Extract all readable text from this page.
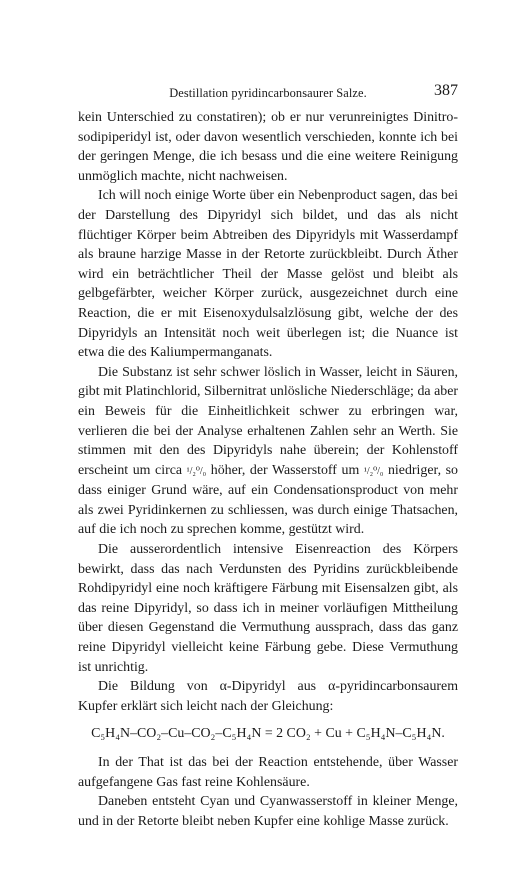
Destillation pyridincarbonsaurer Salze.	387

kein Unterschied zu constatiren); ob er nur verunreinigtes Dinitrosodipiperidyl ist, oder davon wesentlich verschieden, konnte ich bei der geringen Menge, die ich besass und die eine weitere Reinigung unmöglich machte, nicht nachweisen.

Ich will noch einige Worte über ein Nebenproduct sagen, das bei der Darstellung des Dipyridyl sich bildet, und das als nicht flüchtiger Körper beim Abtreiben des Dipyridyls mit Wasserdampf als braune harzige Masse in der Retorte zurückbleibt. Durch Äther wird ein beträchtlicher Theil der Masse gelöst und bleibt als gelbgefärbter, weicher Körper zurück, ausgezeichnet durch eine Reaction, die er mit Eisenoxydulsalzlösung gibt, welche der des Dipyridyls an Intensität noch weit überlegen ist; die Nuance ist etwa die des Kaliumpermanganats.

Die Substanz ist sehr schwer löslich in Wasser, leicht in Säuren, gibt mit Platinchlorid, Silbernitrat unlösliche Niederschläge; da aber ein Beweis für die Einheitlichkeit schwer zu erbringen war, verlieren die bei der Analyse erhaltenen Zahlen sehr an Werth. Sie stimmen mit den des Dipyridyls nahe überein; der Kohlenstoff erscheint um circa ¹/₂⁰/₀ höher, der Wasserstoff um ¹/₂⁰/₀ niedriger, so dass einiger Grund wäre, auf ein Condensationsproduct von mehr als zwei Pyridinkernen zu schliessen, was durch einige Thatsachen, auf die ich noch zu sprechen komme, gestützt wird.

Die ausserordentlich intensive Eisenreaction des Körpers bewirkt, dass das nach Verdunsten des Pyridins zurückbleibende Rohdipyridyl eine noch kräftigere Färbung mit Eisensalzen gibt, als das reine Dipyridyl, so dass ich in meiner vorläufigen Mittheilung über diesen Gegenstand die Vermuthung aussprach, dass das ganz reine Dipyridyl vielleicht keine Färbung gebe. Diese Vermuthung ist unrichtig.

Die Bildung von α-Dipyridyl aus α-pyridincarbonsaurem Kupfer erklärt sich leicht nach der Gleichung:

C₅H₄N–CO₂–Cu–CO₂–C₅H₄N = 2 CO₂ + Cu + C₅H₄N–C₅H₄N.

In der That ist das bei der Reaction entstehende, über Wasser aufgefangene Gas fast reine Kohlensäure.

Daneben entsteht Cyan und Cyanwasserstoff in kleiner Menge, und in der Retorte bleibt neben Kupfer eine kohlige Masse zurück.
